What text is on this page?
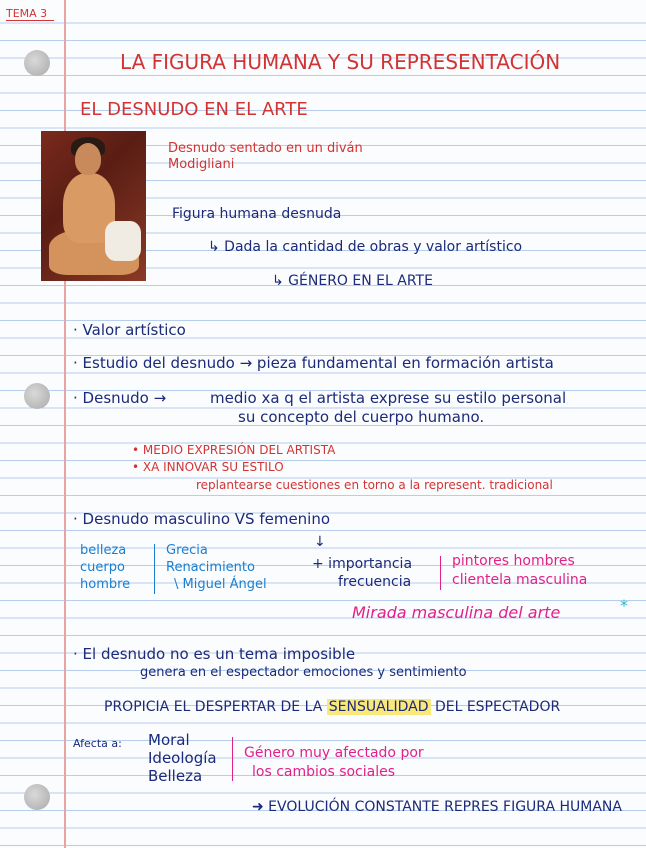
TEMA 3
LA FIGURA HUMANA Y SU REPRESENTACIÓN
EL DESNUDO EN EL ARTE
Desnudo sentado en un diván
Modigliani
Figura humana desnuda
↳ Dada la cantidad de obras y valor artístico
↳ GÉNERO EN EL ARTE
· Valor artístico
· Estudio del desnudo → pieza fundamental en formación artista
· Desnudo →	medio xa q el artista exprese su estilo personal
su concepto del cuerpo humano.
• MEDIO EXPRESIÓN DEL ARTISTA
• XA INNOVAR SU ESTILO
replantearse cuestiones en torno a la represent. tradicional
· Desnudo masculino VS femenino
belleza
cuerpo
hombre
Grecia
Renacimiento
\ Miguel Ángel
↓
+ importancia
frecuencia
pintores hombres
clientela masculina
Mirada masculina del arte	*
· El desnudo no es un tema imposible
genera en el espectador emociones y sentimiento
PROPICIA EL DESPERTAR DE LA SENSUALIDAD DEL ESPECTADOR
Afecta a: Moral
Ideología
Belleza
Género muy afectado por
los cambios sociales
➜ EVOLUCIÓN CONSTANTE REPRES FIGURA HUMANA
